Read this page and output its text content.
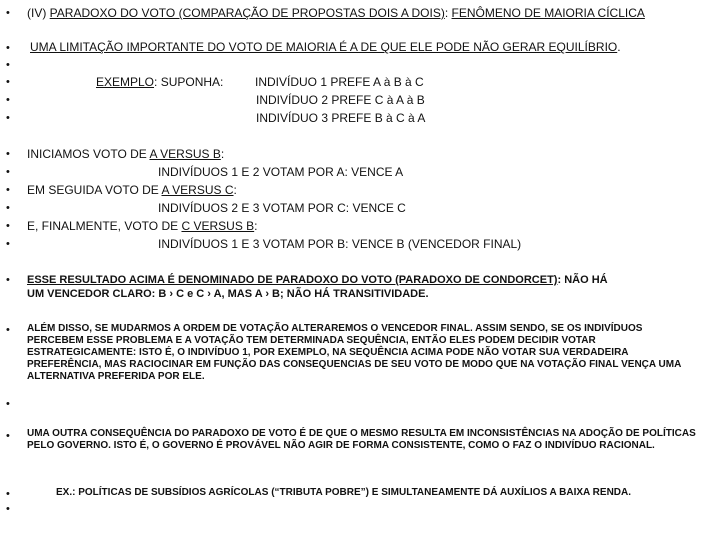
•
•
•
•
•
•
•
•
•
•
•
•
•
•
•
•
•
•
(IV) PARADOXO DO VOTO (COMPARAÇÃO DE PROPOSTAS DOIS A DOIS): FENÔMENO DE MAIORIA CÍCLICA
UMA LIMITAÇÃO IMPORTANTE DO VOTO DE MAIORIA É A DE QUE ELE PODE NÃO GERAR EQUILÍBRIO.
EXEMPLO: SUPONHA:	INDIVÍDUO 1 PREFE A à B à C
INDIVÍDUO 2 PREFE C à A à B
INDIVÍDUO 3 PREFE B à C à A
INICIAMOS VOTO DE A VERSUS B:
INDIVÍDUOS 1 E 2 VOTAM POR A: VENCE A
EM SEGUIDA VOTO DE A VERSUS C:
INDIVÍDUOS 2 E 3 VOTAM POR C: VENCE C
E, FINALMENTE, VOTO DE C VERSUS B:
INDIVÍDUOS 1 E 3 VOTAM POR B: VENCE B (VENCEDOR FINAL)
ESSE RESULTADO ACIMA É DENOMINADO DE PARADOXO DO VOTO (PARADOXO DE CONDORCET): NÃO HÁ
UM VENCEDOR CLARO: B › C e C › A, MAS A › B; NÃO HÁ TRANSITIVIDADE.
ALÉM DISSO, SE MUDARMOS A ORDEM DE VOTAÇÃO ALTERAREMOS O VENCEDOR FINAL. ASSIM SENDO, SE OS INDIVÍDUOS PERCEBEM ESSE PROBLEMA E A VOTAÇÃO TEM DETERMINADA SEQUÊNCIA, ENTÃO ELES PODEM DECIDIR VOTAR ESTRATEGICAMENTE: ISTO É, O INDIVÍDUO 1, POR EXEMPLO, NA SEQUÊNCIA ACIMA PODE NÃO VOTAR SUA VERDADEIRA PREFERÊNCIA, MAS RACIOCINAR EM FUNÇÃO DAS CONSEQUENCIAS DE SEU VOTO DE MODO QUE NA VOTAÇÃO FINAL VENÇA UMA ALTERNATIVA PREFERIDA POR ELE.
UMA OUTRA CONSEQUÊNCIA DO PARADOXO DE VOTO É DE QUE O MESMO RESULTA EM INCONSISTÊNCIAS NA ADOÇÃO DE POLÍTICAS PELO GOVERNO. ISTO É, O GOVERNO É PROVÁVEL NÃO AGIR DE FORMA CONSISTENTE, COMO O FAZ O INDIVÍDUO RACIONAL.
EX.: POLÍTICAS DE SUBSÍDIOS AGRÍCOLAS (“TRIBUTA POBRE”) E SIMULTANEAMENTE DÁ AUXÍLIOS A BAIXA RENDA.
